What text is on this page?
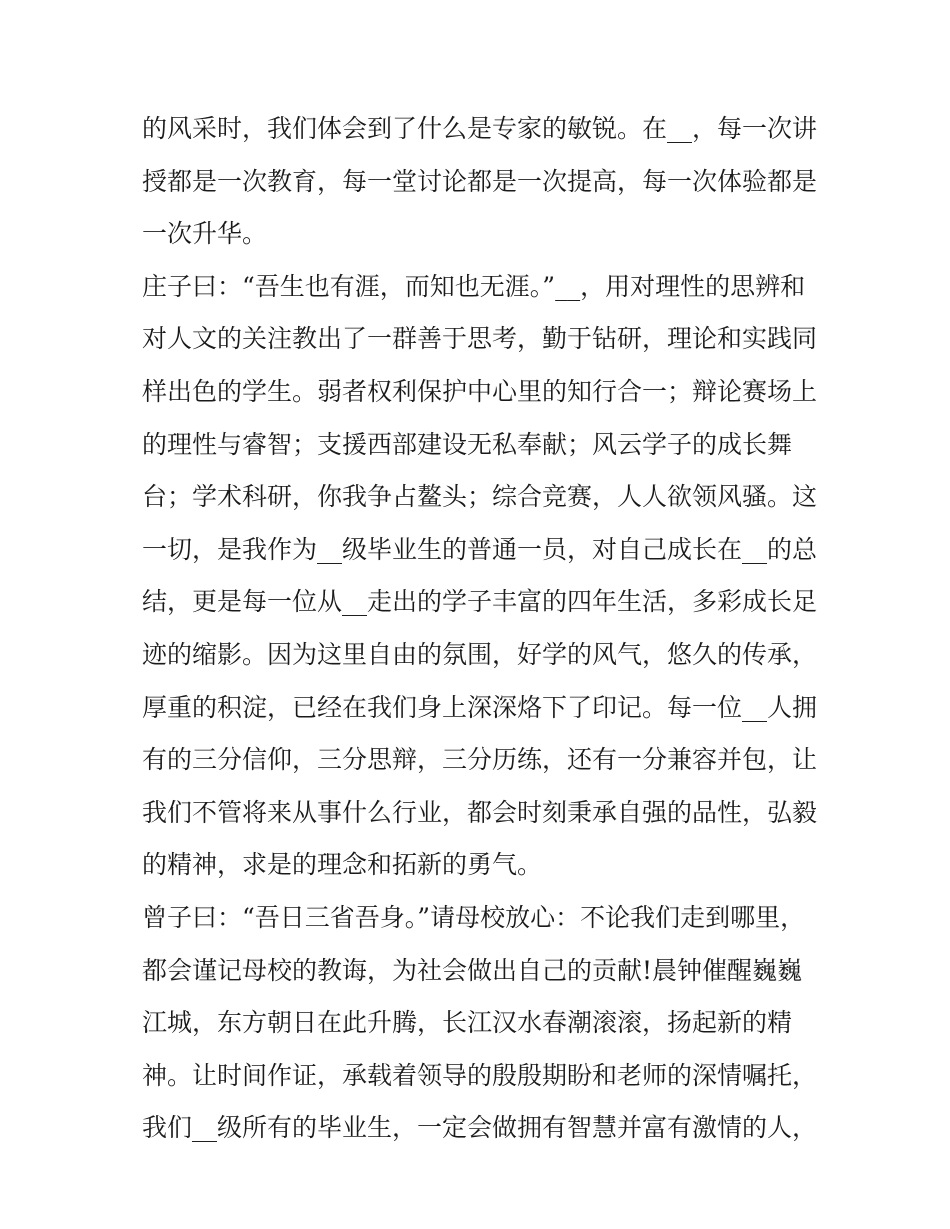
的风采时，我们体会到了什么是专家的敏锐。在__，每一次讲
授都是一次教育，每一堂讨论都是一次提高，每一次体验都是
一次升华。
庄子曰：“吾生也有涯，而知也无涯。”__，用对理性的思辨和
对人文的关注教出了一群善于思考，勤于钻研，理论和实践同
样出色的学生。弱者权利保护中心里的知行合一；辩论赛场上
的理性与睿智；支援西部建设无私奉献；风云学子的成长舞
台；学术科研，你我争占鳌头；综合竞赛，人人欲领风骚。这
一切，是我作为__级毕业生的普通一员，对自己成长在__的总
结，更是每一位从__走出的学子丰富的四年生活，多彩成长足
迹的缩影。因为这里自由的氛围，好学的风气，悠久的传承，
厚重的积淀，已经在我们身上深深烙下了印记。每一位__人拥
有的三分信仰，三分思辩，三分历练，还有一分兼容并包，让
我们不管将来从事什么行业，都会时刻秉承自强的品性，弘毅
的精神，求是的理念和拓新的勇气。
曾子曰：“吾日三省吾身。”请母校放心：不论我们走到哪里，
都会谨记母校的教诲，为社会做出自己的贡献!晨钟催醒巍巍
江城，东方朝日在此升腾，长江汉水春潮滚滚，扬起新的精
神。让时间作证，承载着领导的殷殷期盼和老师的深情嘱托，
我们__级所有的毕业生，一定会做拥有智慧并富有激情的人，
